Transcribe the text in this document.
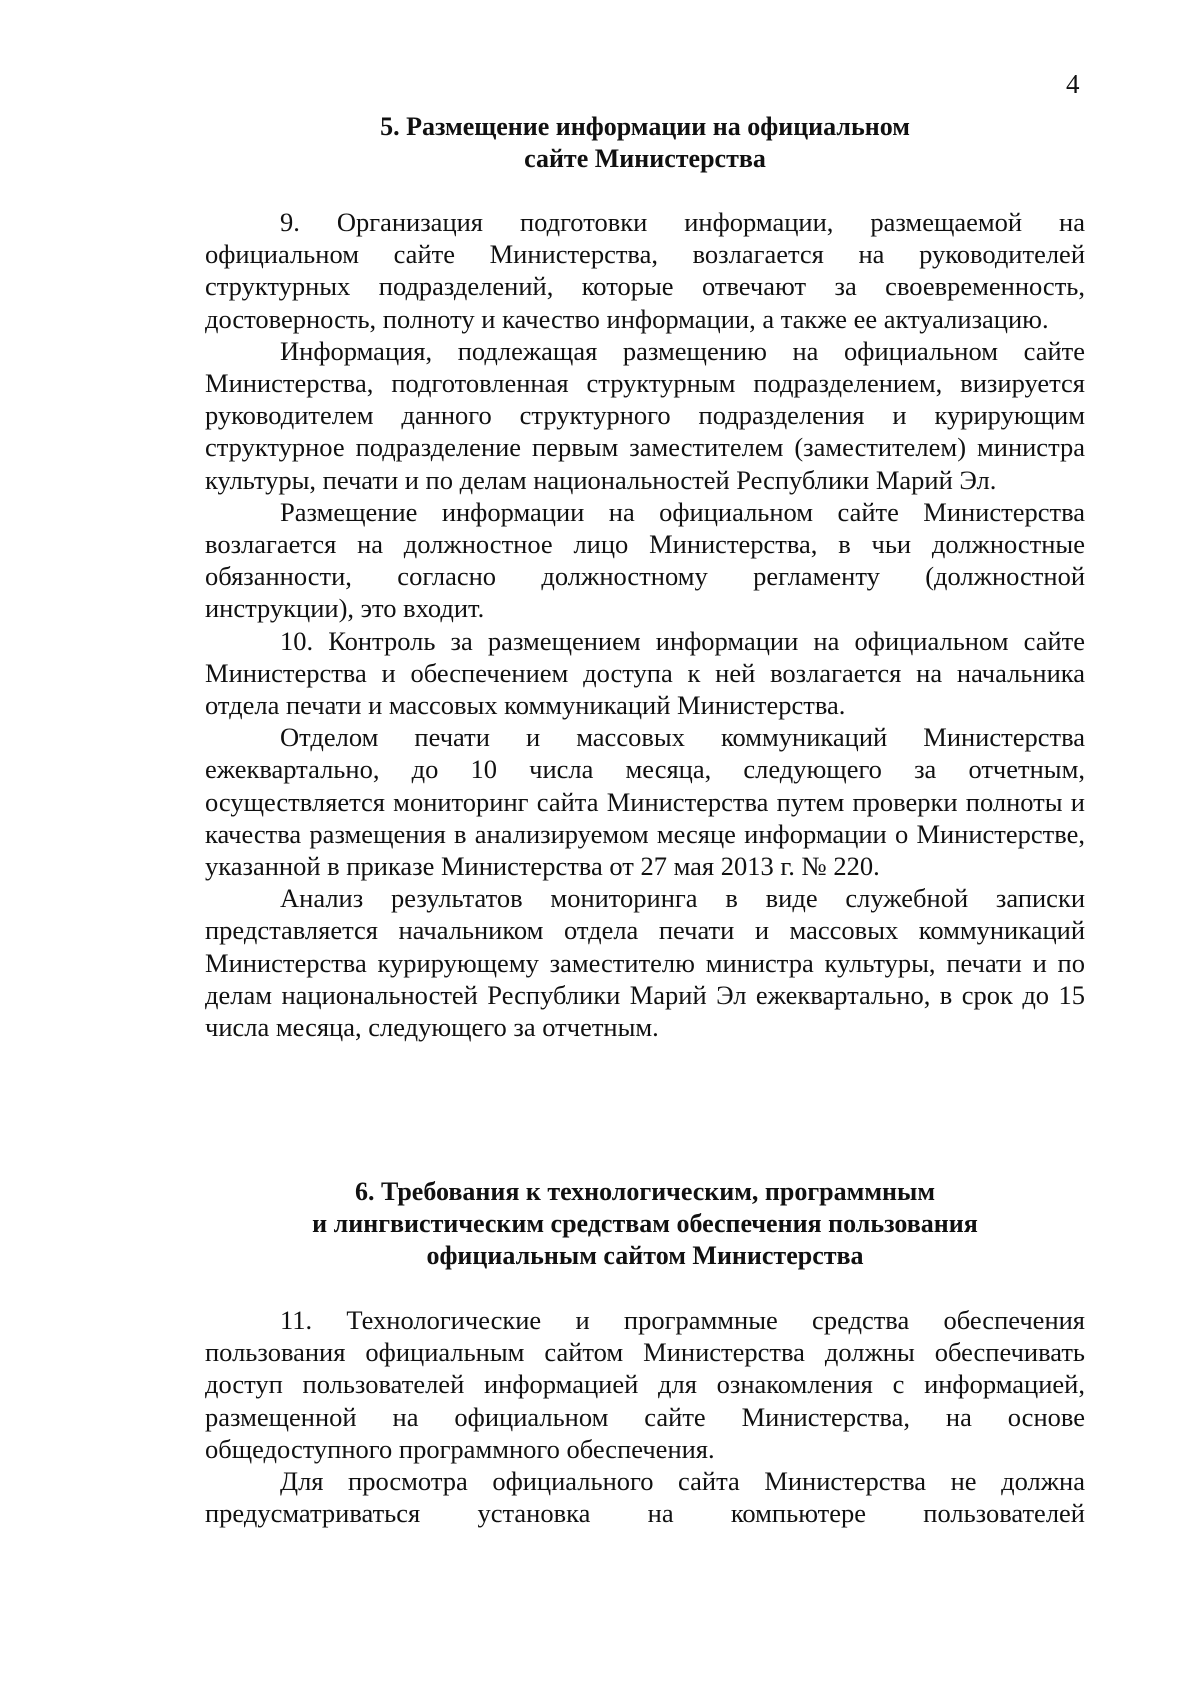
4
5. Размещение информации на официальном
сайте Министерства

9. Организация подготовки информации, размещаемой на официальном сайте Министерства, возлагается на руководителей структурных подразделений, которые отвечают за своевременность, достоверность, полноту и качество информации, а также ее актуализацию.

Информация, подлежащая размещению на официальном сайте Министерства, подготовленная структурным подразделением, визируется руководителем данного структурного подразделения и курирующим структурное подразделение первым заместителем (заместителем) министра культуры, печати и по делам национальностей Республики Марий Эл.

Размещение информации на официальном сайте Министерства возлагается на должностное лицо Министерства, в чьи должностные обязанности, согласно должностному регламенту (должностной инструкции), это входит.

10. Контроль за размещением информации на официальном сайте Министерства и обеспечением доступа к ней возлагается на начальника отдела печати и массовых коммуникаций Министерства.

Отделом печати и массовых коммуникаций Министерства ежеквартально, до 10 числа месяца, следующего за отчетным, осуществляется мониторинг сайта Министерства путем проверки полноты и качества размещения в анализируемом месяце информации о Министерстве, указанной в приказе Министерства от 27 мая 2013 г. № 220.

Анализ результатов мониторинга в виде служебной записки представляется начальником отдела печати и массовых коммуникаций Министерства курирующему заместителю министра культуры, печати и по делам национальностей Республики Марий Эл ежеквартально, в срок до 15 числа месяца, следующего за отчетным.

6. Требования к технологическим, программным
и лингвистическим средствам обеспечения пользования
официальным сайтом Министерства

11. Технологические и программные средства обеспечения пользования официальным сайтом Министерства должны обеспечивать доступ пользователей информацией для ознакомления с информацией, размещенной на официальном сайте Министерства, на основе общедоступного программного обеспечения.

Для просмотра официального сайта Министерства не должна предусматриваться установка на компьютере пользователей
